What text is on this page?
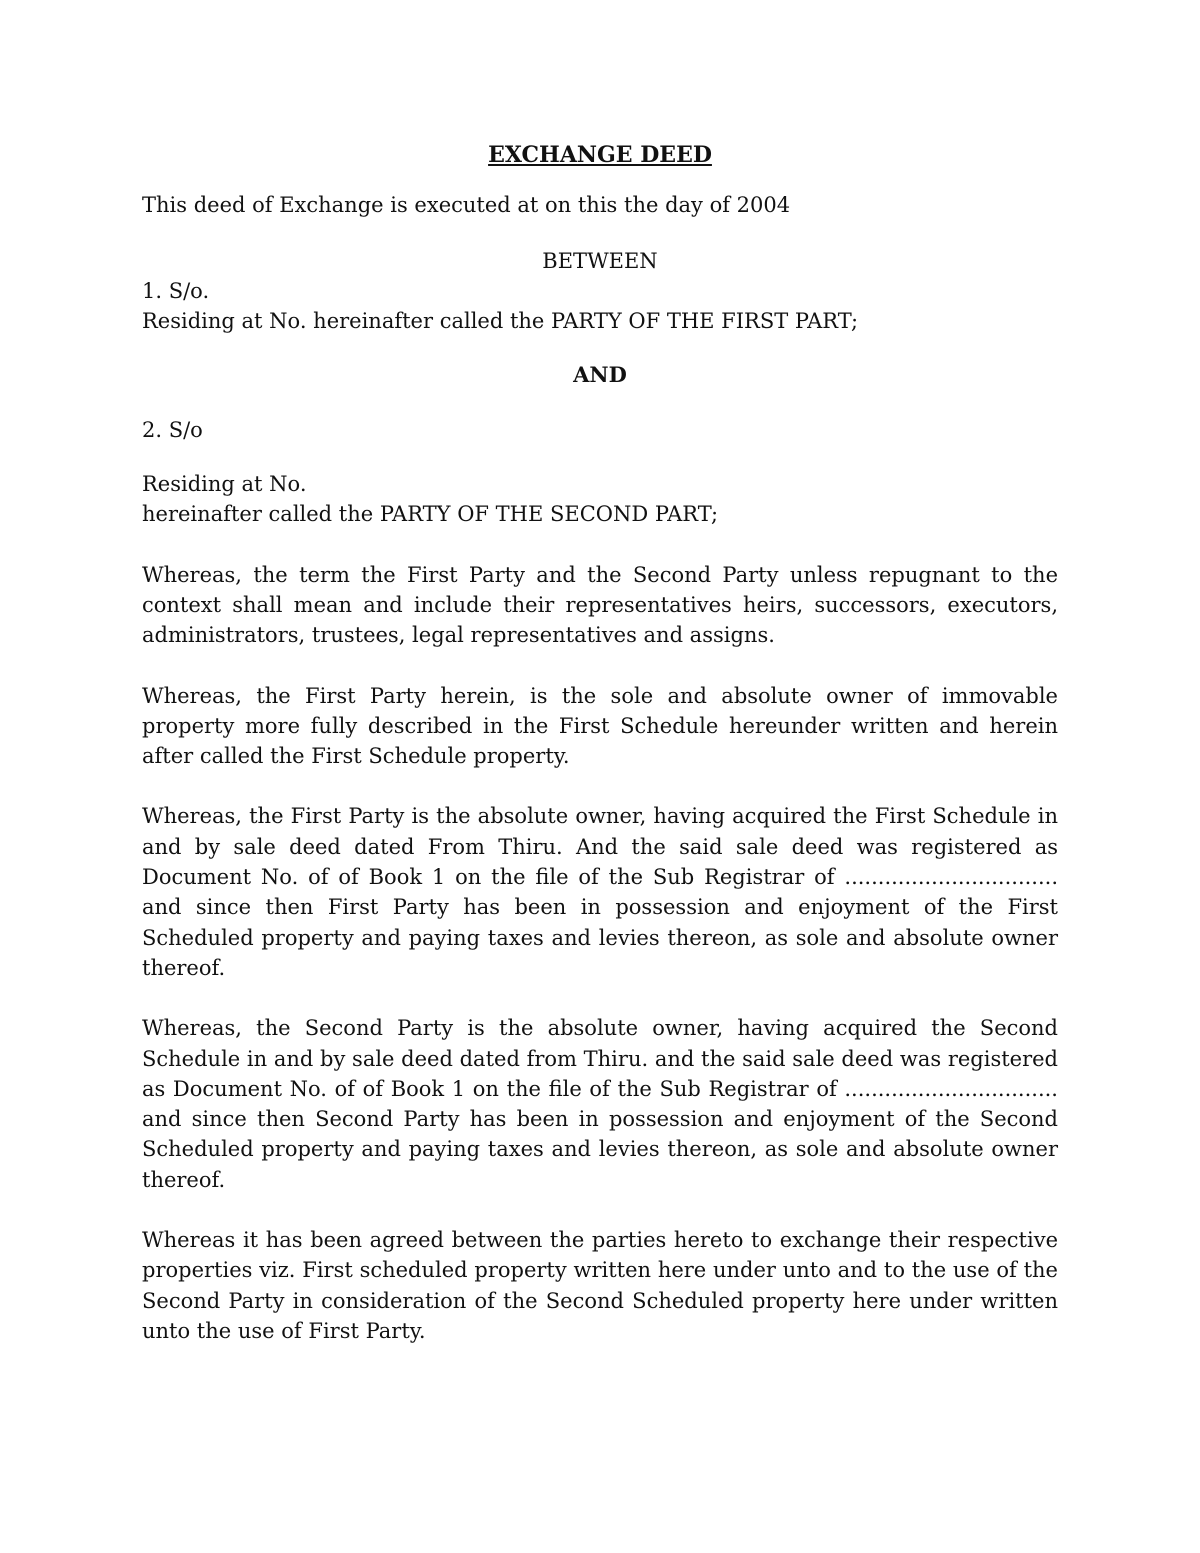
EXCHANGE DEED

This deed of Exchange is executed at on this the day of 2004

BETWEEN

1. S/o.

Residing at No. hereinafter called the PARTY OF THE FIRST PART;

AND

2. S/o

Residing at No.

hereinafter called the PARTY OF THE SECOND PART;

Whereas, the term the First Party and the Second Party unless repugnant to the context shall mean and include their representatives heirs, successors, executors, administrators, trustees, legal representatives and assigns.

Whereas, the First Party herein, is the sole and absolute owner of immovable property more fully described in the First Schedule hereunder written and herein after called the First Schedule property.

Whereas, the First Party is the absolute owner, having acquired the First Schedule in and by sale deed dated From Thiru. And the said sale deed was registered as Document No. of of Book 1 on the file of the Sub Registrar of ................................ and since then First Party has been in possession and enjoyment of the First Scheduled property and paying taxes and levies thereon, as sole and absolute owner thereof.

Whereas, the Second Party is the absolute owner, having acquired the Second Schedule in and by sale deed dated from Thiru. and the said sale deed was registered as Document No. of of Book 1 on the file of the Sub Registrar of ................................ and since then Second Party has been in possession and enjoyment of the Second Scheduled property and paying taxes and levies thereon, as sole and absolute owner thereof.

Whereas it has been agreed between the parties hereto to exchange their respective properties viz. First scheduled property written here under unto and to the use of the Second Party in consideration of the Second Scheduled property here under written unto the use of First Party.
